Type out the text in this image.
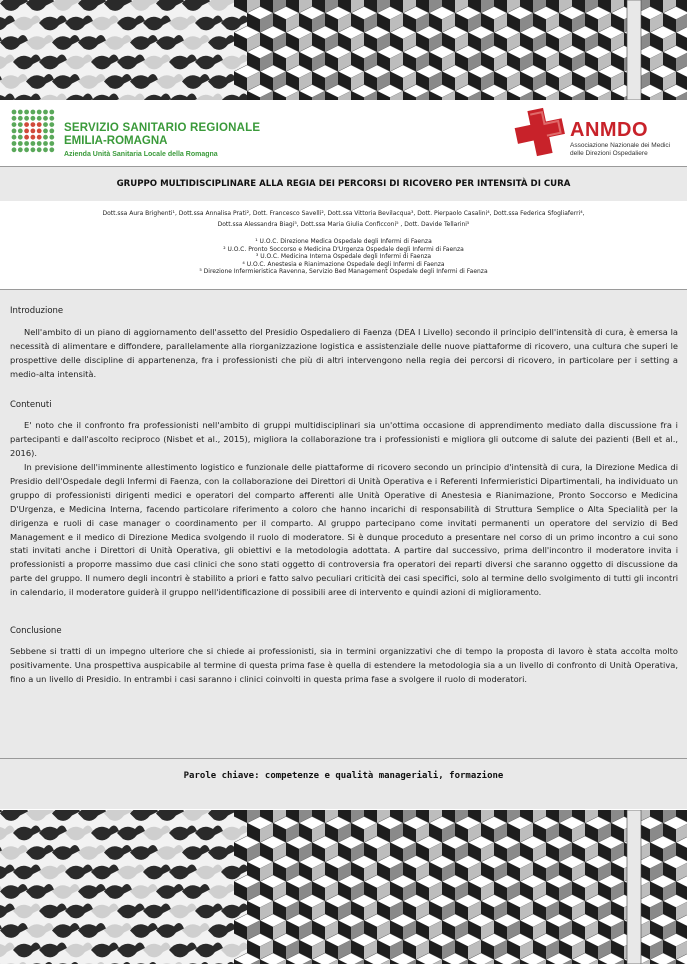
SERVIZIO SANITARIO REGIONALE
EMILIA-ROMAGNA
Azienda Unità Sanitaria Locale della Romagna
ANMDO
Associazione Nazionale dei Medici
delle Direzioni Ospedaliere
GRUPPO MULTIDISCIPLINARE ALLA REGIA DEI PERCORSI DI RICOVERO PER INTENSITÀ DI CURA
Dott.ssa Aura Brighenti¹, Dott.ssa Annalisa Prati², Dott. Francesco Savelli², Dott.ssa Vittoria Bevilacqua³, Dott. Pierpaolo Casalini⁴, Dott.ssa Federica Sfogliaferri⁴,
Dott.ssa Alessandra Biagi⁵, Dott.ssa Maria Giulia Conficconi⁵ , Dott. Davide Tellarini⁵
¹ U.O.C. Direzione Medica Ospedale degli Infermi di Faenza
² U.O.C. Pronto Soccorso e Medicina D'Urgenza Ospedale degli Infermi di Faenza
³ U.O.C. Medicina Interna Ospedale degli Infermi di Faenza
⁴ U.O.C. Anestesia e Rianimazione Ospedale degli Infermi di Faenza
⁵ Direzione Infermieristica Ravenna, Servizio Bed Management Ospedale degli Infermi di Faenza
Introduzione

Nell'ambito di un piano di aggiornamento dell'assetto del Presidio Ospedaliero di Faenza (DEA I Livello) secondo il principio dell'intensità di cura, è emersa la necessità di alimentare e diffondere, parallelamente alla riorganizzazione logistica e assistenziale delle nuove piattaforme di ricovero, una cultura che superi le prospettive delle discipline di appartenenza, fra i professionisti che più di altri intervengono nella regia dei percorsi di ricovero, in particolare per i setting a medio-alta intensità.

Contenuti

E' noto che il confronto fra professionisti nell'ambito di gruppi multidisciplinari sia un'ottima occasione di apprendimento mediato dalla discussione fra i partecipanti e dall'ascolto reciproco (Nisbet et al., 2015), migliora la collaborazione tra i professionisti e migliora gli outcome di salute dei pazienti (Bell et al., 2016).

In previsione dell'imminente allestimento logistico e funzionale delle piattaforme di ricovero secondo un principio d'intensità di cura, la Direzione Medica di Presidio dell'Ospedale degli Infermi di Faenza, con la collaborazione dei Direttori di Unità Operativa e i Referenti Infermieristici Dipartimentali, ha individuato un gruppo di professionisti dirigenti medici e operatori del comparto afferenti alle Unità Operative di Anestesia e Rianimazione, Pronto Soccorso e Medicina D'Urgenza, e Medicina Interna, facendo particolare riferimento a coloro che hanno incarichi di responsabilità di Struttura Semplice o Alta Specialità per la dirigenza e ruoli di case manager o coordinamento per il comparto. Al gruppo partecipano come invitati permanenti un operatore del servizio di Bed Management e il medico di Direzione Medica svolgendo il ruolo di moderatore. Si è dunque proceduto a presentare nel corso di un primo incontro a cui sono stati invitati anche i Direttori di Unità Operativa, gli obiettivi e la metodologia adottata. A partire dal successivo, prima dell'incontro il moderatore invita i professionisti a proporre massimo due casi clinici che sono stati oggetto di controversia fra operatori dei reparti diversi che saranno oggetto di discussione da parte del gruppo. Il numero degli incontri è stabilito a priori e fatto salvo peculiari criticità dei casi specifici, solo al termine dello svolgimento di tutti gli incontri in calendario, il moderatore guiderà il gruppo nell'identificazione di possibili aree di intervento e quindi azioni di miglioramento.

Conclusione

Sebbene si tratti di un impegno ulteriore che si chiede ai professionisti, sia in termini organizzativi che di tempo la proposta di lavoro è stata accolta molto positivamente. Una prospettiva auspicabile al termine di questa prima fase è quella di estendere la metodologia sia a un livello di confronto di Unità Operativa, fino a un livello di Presidio. In entrambi i casi saranno i clinici coinvolti in questa prima fase a svolgere il ruolo di moderatori.

Parole chiave: competenze e qualità manageriali, formazione
